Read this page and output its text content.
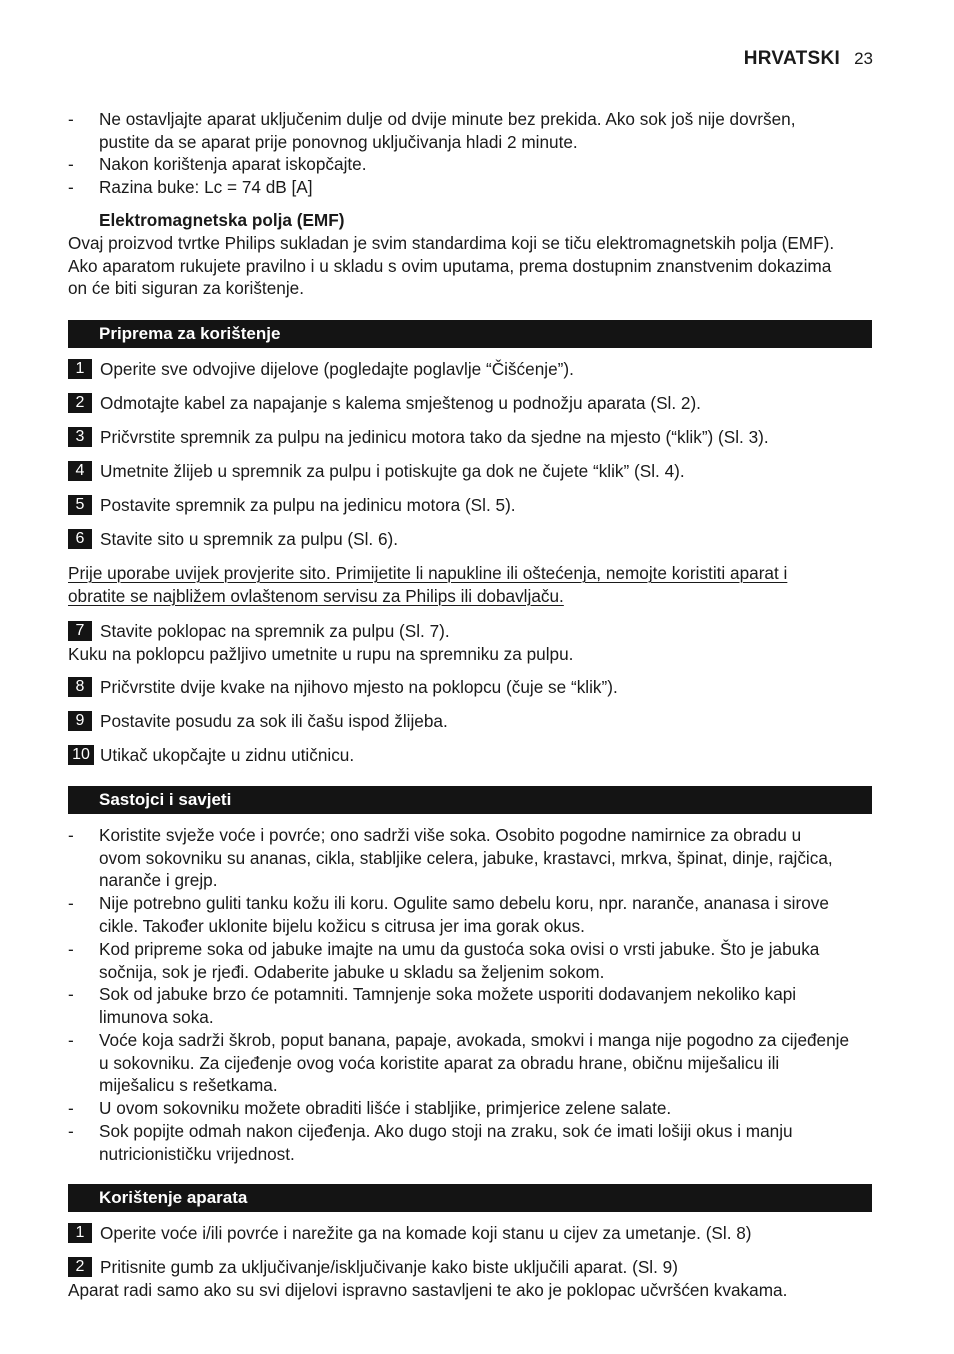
HRVATSKI 23
- Ne ostavljajte aparat uključenim dulje od dvije minute bez prekida. Ako sok još nije dovršen,
pustite da se aparat prije ponovnog uključivanja hladi 2 minute.
- Nakon korištenja aparat iskopčajte.
- Razina buke: Lc = 74 dB [A]
Elektromagnetska polja (EMF)
Ovaj proizvod tvrtke Philips sukladan je svim standardima koji se tiču elektromagnetskih polja (EMF).
Ako aparatom rukujete pravilno i u skladu s ovim uputama, prema dostupnim znanstvenim dokazima
on će biti siguran za korištenje.
Priprema za korištenje
1 Operite sve odvojive dijelove (pogledajte poglavlje “Čišćenje”).
2 Odmotajte kabel za napajanje s kalema smještenog u podnožju aparata (Sl. 2).
3 Pričvrstite spremnik za pulpu na jedinicu motora tako da sjedne na mjesto (“klik”) (Sl. 3).
4 Umetnite žlijeb u spremnik za pulpu i potiskujte ga dok ne čujete “klik” (Sl. 4).
5 Postavite spremnik za pulpu na jedinicu motora (Sl. 5).
6 Stavite sito u spremnik za pulpu (Sl. 6).
Prije uporabe uvijek provjerite sito. Primijetite li napukline ili oštećenja, nemojte koristiti aparat i
obratite se najbližem ovlaštenom servisu za Philips ili dobavljaču.
7 Stavite poklopac na spremnik za pulpu (Sl. 7).
Kuku na poklopcu pažljivo umetnite u rupu na spremniku za pulpu.
8 Pričvrstite dvije kvake na njihovo mjesto na poklopcu (čuje se “klik”).
9 Postavite posudu za sok ili čašu ispod žlijeba.
10 Utikač ukopčajte u zidnu utičnicu.
Sastojci i savjeti
- Koristite svježe voće i povrće; ono sadrži više soka. Osobito pogodne namirnice za obradu u
ovom sokovniku su ananas, cikla, stabljike celera, jabuke, krastavci, mrkva, špinat, dinje, rajčica,
naranče i grejp.
- Nije potrebno guliti tanku kožu ili koru. Ogulite samo debelu koru, npr. naranče, ananasa i sirove
cikle. Također uklonite bijelu kožicu s citrusa jer ima gorak okus.
- Kod pripreme soka od jabuke imajte na umu da gustoća soka ovisi o vrsti jabuke. Što je jabuka
sočnija, sok je rjeđi. Odaberite jabuke u skladu sa željenim sokom.
- Sok od jabuke brzo će potamniti. Tamnjenje soka možete usporiti dodavanjem nekoliko kapi
limunova soka.
- Voće koja sadrži škrob, poput banana, papaje, avokada, smokvi i manga nije pogodno za cijeđenje
u sokovniku. Za cijeđenje ovog voća koristite aparat za obradu hrane, običnu miješalicu ili
miješalicu s rešetkama.
- U ovom sokovniku možete obraditi lišće i stabljike, primjerice zelene salate.
- Sok popijte odmah nakon cijeđenja. Ako dugo stoji na zraku, sok će imati lošiji okus i manju
nutricionističku vrijednost.
Korištenje aparata
1 Operite voće i/ili povrće i narežite ga na komade koji stanu u cijev za umetanje. (Sl. 8)
2 Pritisnite gumb za uključivanje/isključivanje kako biste uključili aparat. (Sl. 9)
Aparat radi samo ako su svi dijelovi ispravno sastavljeni te ako je poklopac učvršćen kvakama.
